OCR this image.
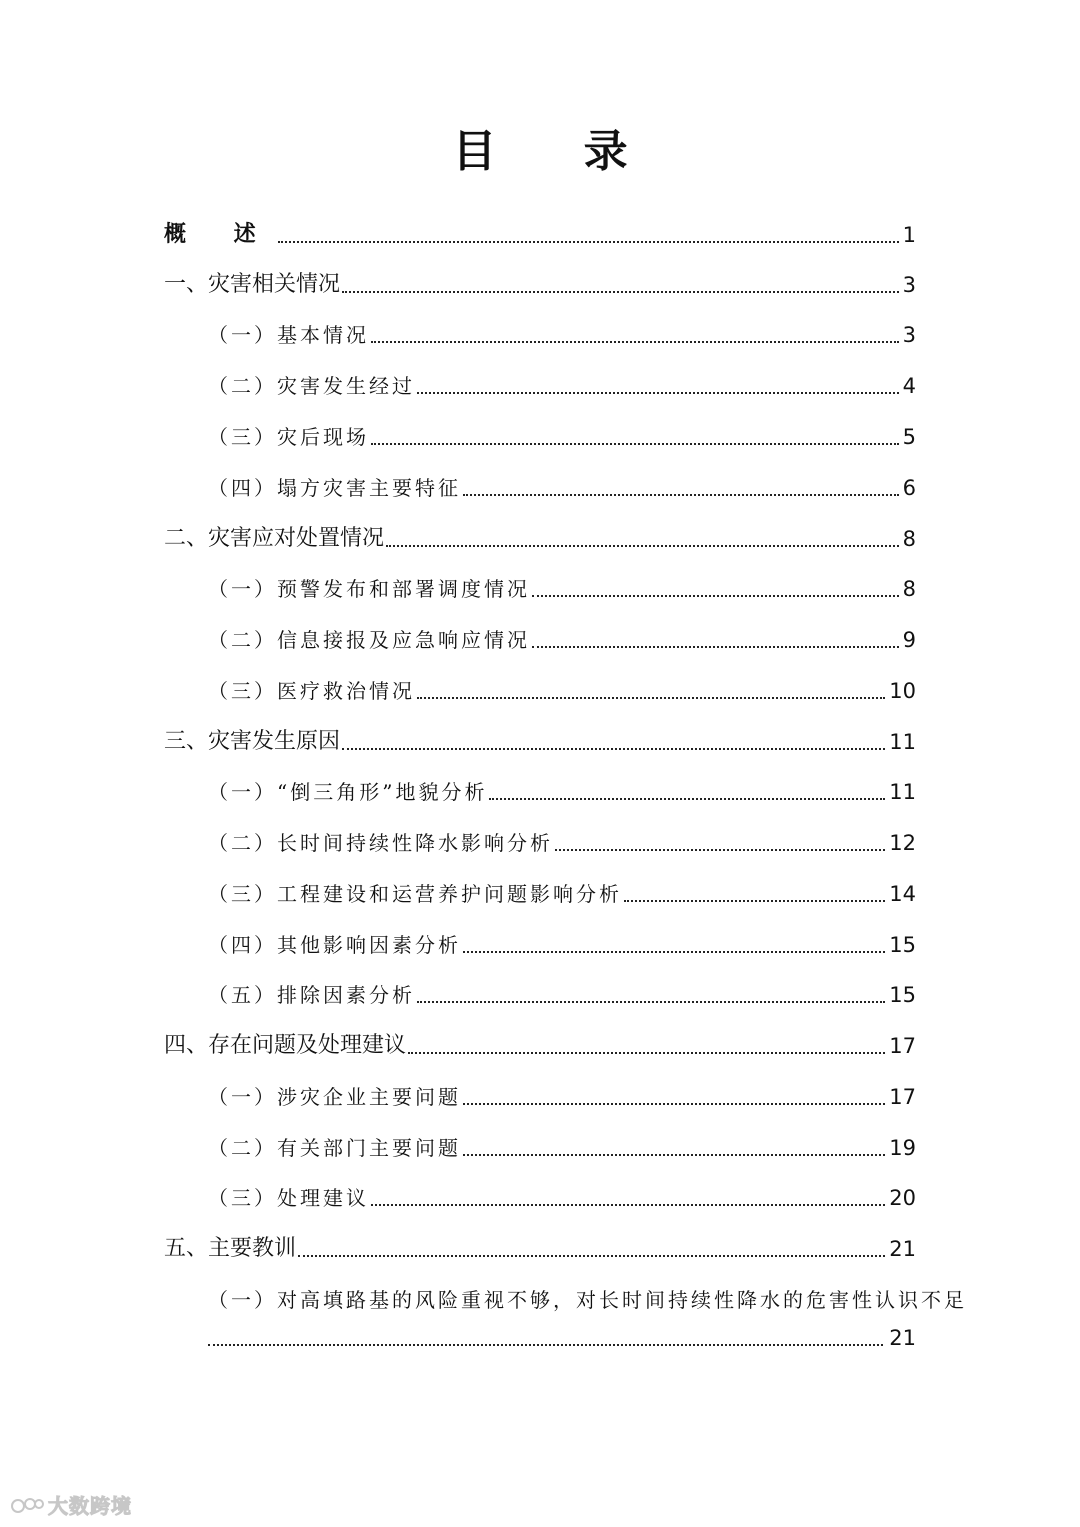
目 录
概 述	1
一、灾害相关情况	3
（一）基本情况	3
（二）灾害发生经过	4
（三）灾后现场	5
（四）塌方灾害主要特征	6
二、灾害应对处置情况	8
（一）预警发布和部署调度情况	8
（二）信息接报及应急响应情况	9
（三）医疗救治情况	10
三、灾害发生原因	11
（一）“倒三角形”地貌分析	11
（二）长时间持续性降水影响分析	12
（三）工程建设和运营养护问题影响分析	14
（四）其他影响因素分析	15
（五）排除因素分析	15
四、存在问题及处理建议	17
（一）涉灾企业主要问题	17
（二）有关部门主要问题	19
（三）处理建议	20
五、主要教训	21
（一）对高填路基的风险重视不够，对长时间持续性降水的危害性认识不足
21
大数跨境
